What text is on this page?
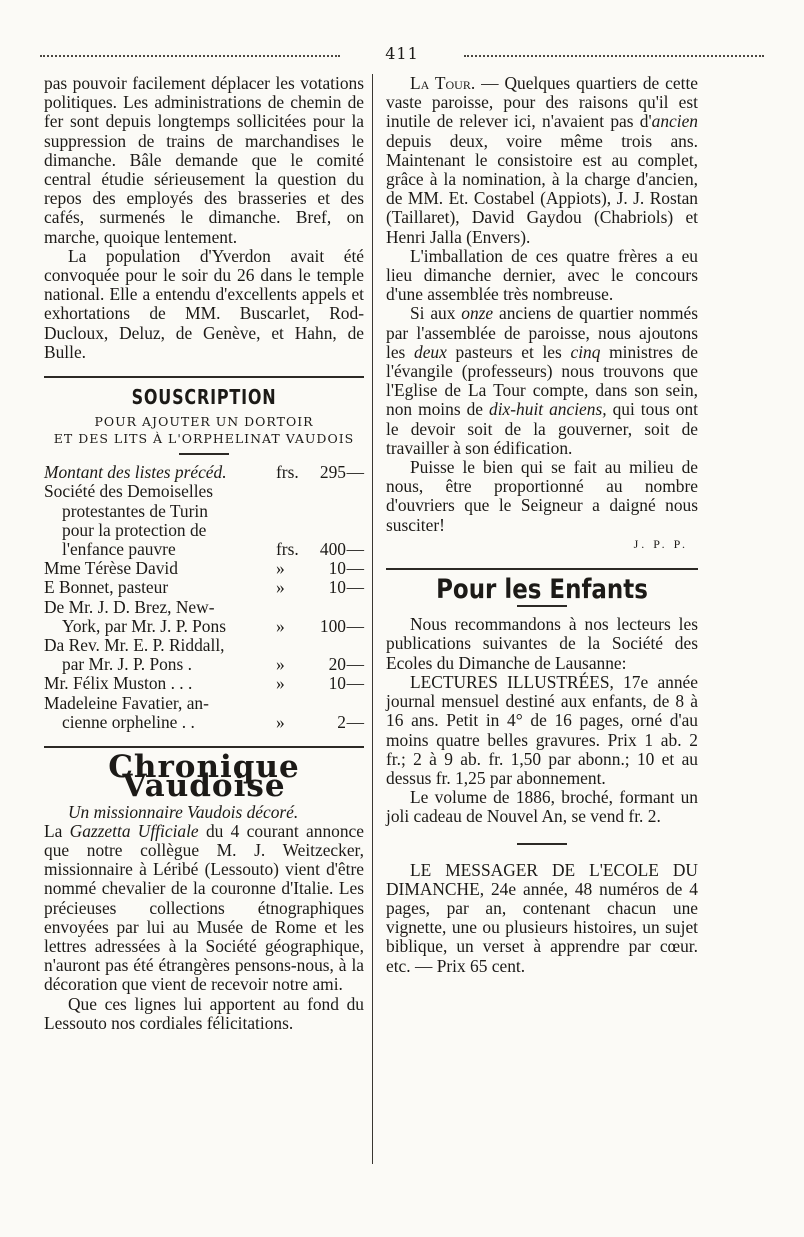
411

pas pouvoir facilement déplacer les votations politiques. Les administrations de chemin de fer sont depuis longtemps sollicitées pour la suppression de trains de marchandises le dimanche. Bâle demande que le comité central étudie sérieusement la question du repos des employés des brasseries et des cafés, surmenés le dimanche. Bref, on marche, quoique lentement.

La population d'Yverdon avait été convoquée pour le soir du 26 dans le temple national. Elle a entendu d'excellents appels et exhortations de MM. Buscarlet, Rod-Ducloux, Deluz, de Genève, et Hahn, de Bulle.

SOUSCRIPTION
POUR AJOUTER UN DORTOIR
ET DES LITS À L'ORPHELINAT VAUDOIS
Montant des listes précéd.	frs.	295 —
Société des Demoiselles
protestantes de Turin
pour la protection de
l'enfance pauvre	frs.	400 —
Mme Térèse David	»	10 —
E Bonnet, pasteur	»	10 —
De Mr. J. D. Brez, New-
York, par Mr. J. P. Pons	»	100 —
Da Rev. Mr. E. P. Riddall,
par Mr. J. P. Pons .	»	20 —
Mr. Félix Muston . . .	»	10 —
Madeleine Favatier, an-
cienne orpheline . .	»	2 —
Chronique Vaudoise

Un missionnaire Vaudois décoré.

La Gazzetta Ufficiale du 4 courant annonce que notre collègue M. J. Weitzecker, missionnaire à Léribé (Lessouto) vient d'être nommé chevalier de la couronne d'Italie. Les précieuses collections étnographiques envoyées par lui au Musée de Rome et les lettres adressées à la Société géographique, n'auront pas été étrangères pensons-nous, à la décoration que vient de recevoir notre ami.

Que ces lignes lui apportent au fond du Lessouto nos cordiales félicitations.

La Tour. — Quelques quartiers de cette vaste paroisse, pour des raisons qu'il est inutile de relever ici, n'avaient pas d'ancien depuis deux, voire même trois ans. Maintenant le consistoire est au complet, grâce à la nomination, à la charge d'ancien, de MM. Et. Costabel (Appiots), J. J. Rostan (Taillaret), David Gaydou (Chabriols) et Henri Jalla (Envers).

L'imballation de ces quatre frères a eu lieu dimanche dernier, avec le concours d'une assemblée très nombreuse.

Si aux onze anciens de quartier nommés par l'assemblée de paroisse, nous ajoutons les deux pasteurs et les cinq ministres de l'évangile (professeurs) nous trouvons que l'Eglise de La Tour compte, dans son sein, non moins de dix-huit anciens, qui tous ont le devoir soit de la gouverner, soit de travailler à son édification.

Puisse le bien qui se fait au milieu de nous, être proportionné au nombre d'ouvriers que le Seigneur a daigné nous susciter!

J. P. P.
Pour les Enfants

Nous recommandons à nos lecteurs les publications suivantes de la Société des Ecoles du Dimanche de Lausanne:

LECTURES ILLUSTRÉES, 17e année journal mensuel destiné aux enfants, de 8 à 16 ans. Petit in 4° de 16 pages, orné d'au moins quatre belles gravures. Prix 1 ab. 2 fr.; 2 à 9 ab. fr. 1,50 par abonn.; 10 et au dessus fr. 1,25 par abonnement.

Le volume de 1886, broché, formant un joli cadeau de Nouvel An, se vend fr. 2.

LE MESSAGER DE L'ECOLE DU DIMANCHE, 24e année, 48 numéros de 4 pages, par an, contenant chacun une vignette, une ou plusieurs histoires, un sujet biblique, un verset à apprendre par cœur. etc. — Prix 65 cent.
